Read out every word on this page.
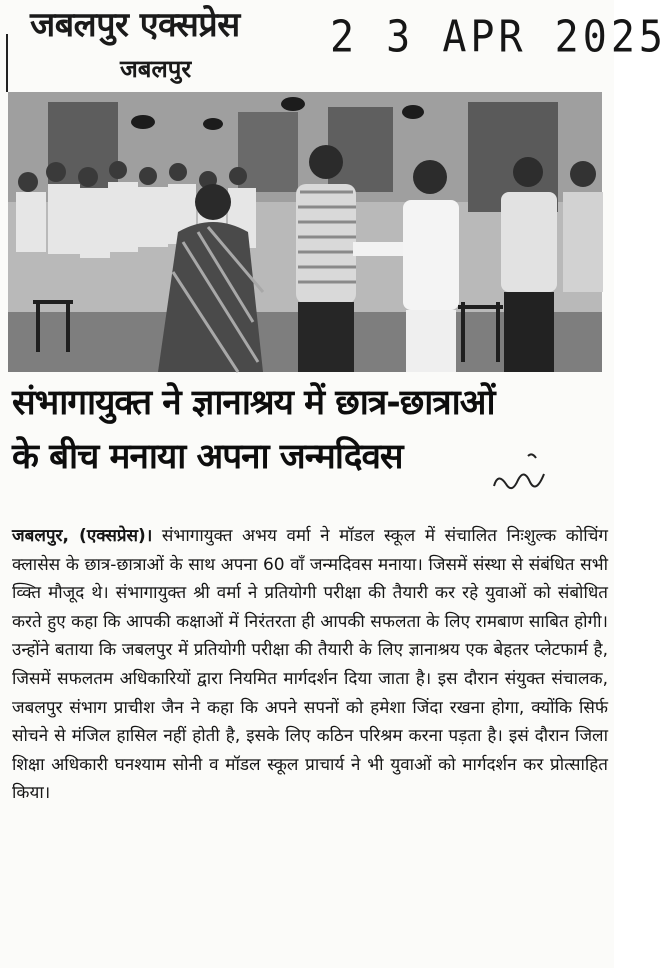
जबलपुर एक्सप्रेस
जबलपुर
2 3 APR 2025
संभागायुक्त ने ज्ञानाश्रय में छात्र-छात्राओं
के बीच मनाया अपना जन्मदिवस
जबलपुर, (एक्सप्रेस)। संभागायुक्त अभय वर्मा ने मॉडल स्कूल में संचालित निःशुल्क कोचिंग क्लासेस के छात्र-छात्राओं के साथ अपना 60 वाँ जन्मदिवस मनाया। जिसमें संस्था से संबंधित सभी व्क्ति मौजूद थे। संभागायुक्त श्री वर्मा ने प्रतियोगी परीक्षा की तैयारी कर रहे युवाओं को संबोधित करते हुए कहा कि आपकी कक्षाओं में निरंतरता ही आपकी सफलता के लिए रामबाण साबित होगी। उन्होंने बताया कि जबलपुर में प्रतियोगी परीक्षा की तैयारी के लिए ज्ञानाश्रय एक बेहतर प्लेटफार्म है, जिसमें सफलतम अधिकारियों द्वारा नियमित मार्गदर्शन दिया जाता है। इस दौरान संयुक्त संचालक, जबलपुर संभाग प्राचीश जैन ने कहा कि अपने सपनों को हमेशा जिंदा रखना होगा, क्योंकि सिर्फ सोचने से मंजिल हासिल नहीं होती है, इसके लिए कठिन परिश्रम करना पड़ता है। इसं दौरान जिला शिक्षा अधिकारी घनश्याम सोनी व मॉडल स्कूल प्राचार्य ने भी युवाओं को मार्गदर्शन कर प्रोत्साहित किया।
